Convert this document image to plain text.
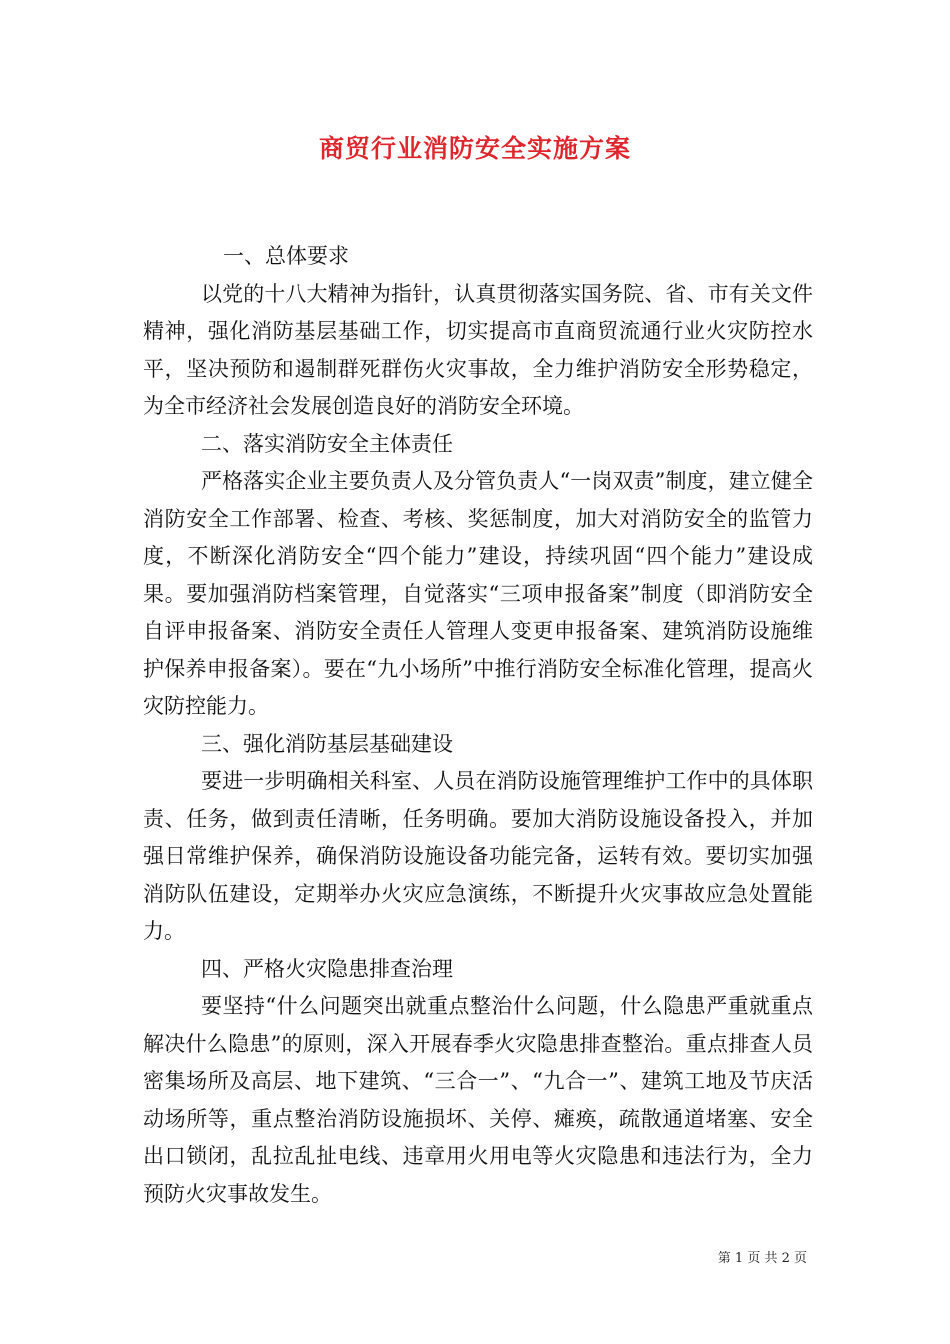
商贸行业消防安全实施方案

一、总体要求

以党的十八大精神为指针，认真贯彻落实国务院、省、市有关文件精神，强化消防基层基础工作，切实提高市直商贸流通行业火灾防控水平，坚决预防和遏制群死群伤火灾事故，全力维护消防安全形势稳定，为全市经济社会发展创造良好的消防安全环境。

二、落实消防安全主体责任

严格落实企业主要负责人及分管负责人“一岗双责”制度，建立健全消防安全工作部署、检查、考核、奖惩制度，加大对消防安全的监管力度，不断深化消防安全“四个能力”建设，持续巩固“四个能力”建设成果。要加强消防档案管理，自觉落实“三项申报备案”制度（即消防安全自评申报备案、消防安全责任人管理人变更申报备案、建筑消防设施维护保养申报备案）。要在“九小场所”中推行消防安全标准化管理，提高火灾防控能力。

三、强化消防基层基础建设

要进一步明确相关科室、人员在消防设施管理维护工作中的具体职责、任务，做到责任清晰，任务明确。要加大消防设施设备投入，并加强日常维护保养，确保消防设施设备功能完备，运转有效。要切实加强消防队伍建设，定期举办火灾应急演练，不断提升火灾事故应急处置能力。

四、严格火灾隐患排查治理

要坚持“什么问题突出就重点整治什么问题，什么隐患严重就重点解决什么隐患”的原则，深入开展春季火灾隐患排查整治。重点排查人员密集场所及高层、地下建筑、“三合一”、“九合一”、建筑工地及节庆活动场所等，重点整治消防设施损坏、关停、瘫痪，疏散通道堵塞、安全出口锁闭，乱拉乱扯电线、违章用火用电等火灾隐患和违法行为，全力预防火灾事故发生。

第 1 页 共 2 页
